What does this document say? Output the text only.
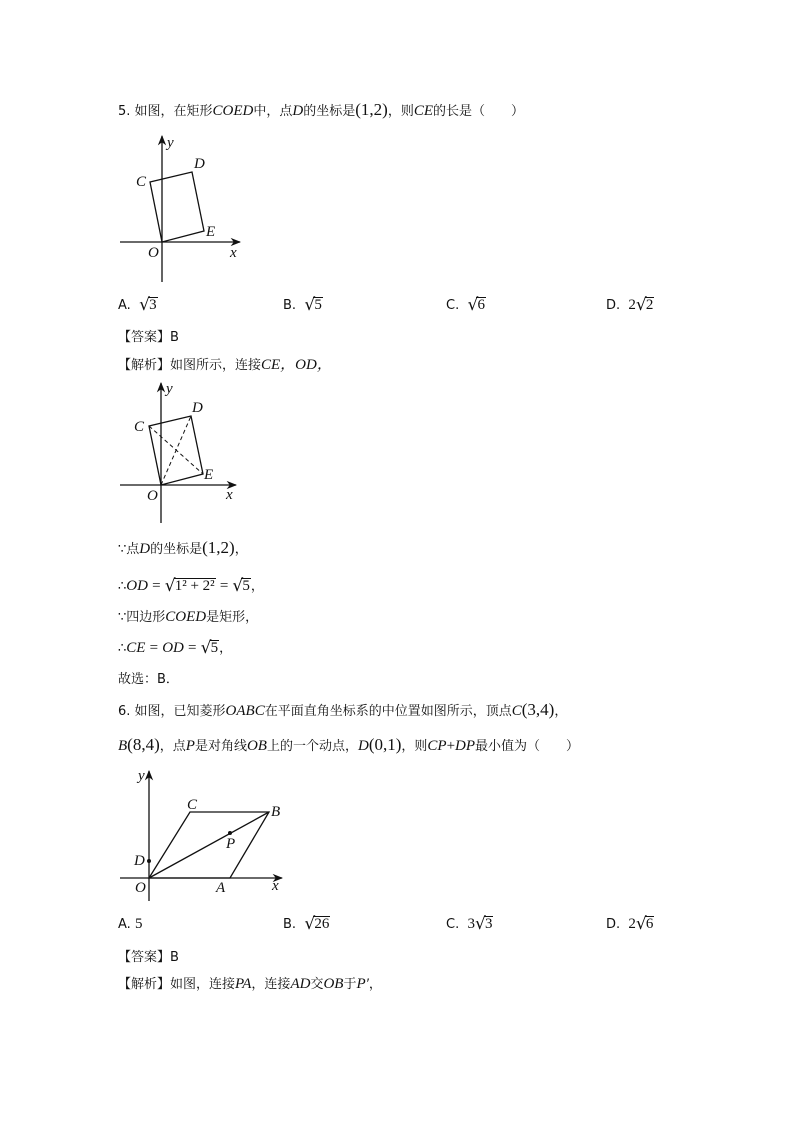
5. 如图，在矩形COED中，点D的坐标是(1,2)，则CE的长是（　　）
y
D
C
E
O	x
A. √ 3	B. √ 5	C. √ 6	D. 2 √ 2
【答案】B
【解析】如图所示，连接CE，OD，
y
D
C
E
O	x
∵点D的坐标是(1,2)，
∴OD = √ 1² + 2² = √ 5，
∵四边形COED是矩形，
∴CE = OD = √ 5，
故选：B．
6. 如图，已知菱形OABC在平面直角坐标系的中位置如图所示，顶点C(3,4)，
B(8,4)，点P是对角线OB上的一个动点，D(0,1)，则CP+DP最小值为（　　）
y
C	B
P
D
O	A	x
A. 5	B. √ 26	C. 3 √ 3	D. 2 √ 6
【答案】B
【解析】如图，连接PA，连接AD交OB于P′，
